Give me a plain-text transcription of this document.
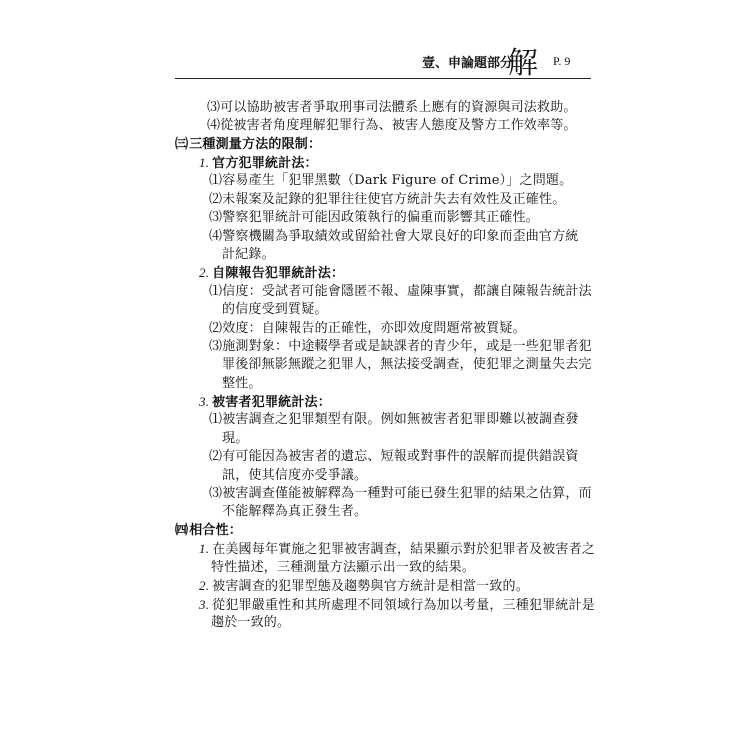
壹、申論題部分
解 P. 9
⑶可以協助被害者爭取刑事司法體系上應有的資源與司法救助。
⑷從被害者角度理解犯罪行為、被害人態度及警方工作效率等。
㈢三種測量方法的限制：
1. 官方犯罪統計法：
⑴容易產生「犯罪黑數（Dark Figure of Crime）」之問題。
⑵未報案及記錄的犯罪往往使官方統計失去有效性及正確性。
⑶警察犯罪統計可能因政策執行的偏重而影響其正確性。
⑷警察機關為爭取績效或留給社會大眾良好的印象而歪曲官方統
計紀錄。
2. 自陳報告犯罪統計法：
⑴信度：受試者可能會隱匿不報、虛陳事實，都讓自陳報告統計法
的信度受到質疑。
⑵效度：自陳報告的正確性，亦即效度問題常被質疑。
⑶施測對象：中途輟學者或是缺課者的青少年，或是一些犯罪者犯
罪後卻無影無蹤之犯罪人，無法接受調查，使犯罪之測量失去完
整性。
3. 被害者犯罪統計法：
⑴被害調查之犯罪類型有限。例如無被害者犯罪即難以被調查發
現。
⑵有可能因為被害者的遺忘、短報或對事件的誤解而提供錯誤資
訊，使其信度亦受爭議。
⑶被害調查僅能被解釋為一種對可能已發生犯罪的結果之估算，而
不能解釋為真正發生者。
㈣相合性：
1. 在美國每年實施之犯罪被害調查，結果顯示對於犯罪者及被害者之
特性描述，三種測量方法顯示出一致的結果。
2. 被害調查的犯罪型態及趨勢與官方統計是相當一致的。
3. 從犯罪嚴重性和其所處理不同領域行為加以考量，三種犯罪統計是
趨於一致的。
